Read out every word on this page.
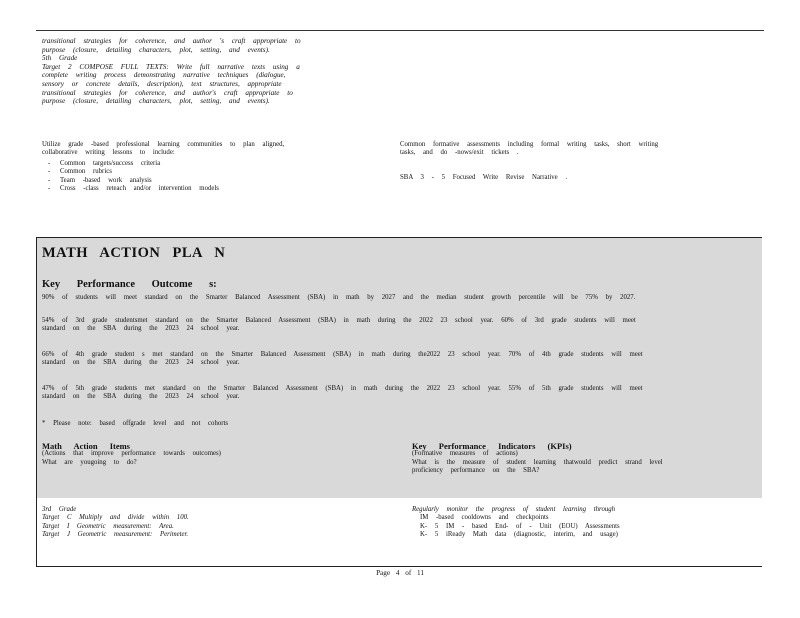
transitional strategies for coherence, and author 's craft appropriate to
purpose (closure, detailing characters, plot, setting, and events).
5th Grade
Target 2 COMPOSE FULL TEXTS: Write full narrative texts using a
complete writing process demonstrating narrative techniques (dialogue,
sensory or concrete details, description), text structures, appropriate
transitional strategies for coherence, and author's craft appropriate to
purpose (closure, detailing characters, plot, setting, and events).
Utilize grade -based professional learning communities to plan aligned,
collaborative writing lessons to include:
- Common targets/success criteria
- Common rubrics
- Team -based work analysis
- Cross -class reteach and/or intervention models
Common formative assessments including formal writing tasks, short writing
tasks, and do -nows/exit tickets .
SBA 3 - 5 Focused Write Revise Narrative .
MATH ACTION PLA N
Key Performance Outcome s:
90% of students will meet standard on the Smarter Balanced Assessment (SBA) in math by 2027 and the median student growth percentile will be 75% by 2027.
54% of 3rd grade studentsmet standard on the Smarter Balanced Assessment (SBA) in math during the 2022 23 school year. 60% of 3rd grade students will meet
standard on the SBA during the 2023 24 school year.
66% of 4th grade student s met standard on the Smarter Balanced Assessment (SBA) in math during the2022 23 school year. 70% of 4th grade students will meet
standard on the SBA during the 2023 24 school year.
47% of 5th grade students met standard on the Smarter Balanced Assessment (SBA) in math during the 2022 23 school year. 55% of 5th grade students will meet
standard on the SBA during the 2023 24 school year.
* Please note: based offgrade level and not cohorts
Math Action Items
(Actions that improve performance towards outcomes)
What are yougoing to do?
Key Performance Indicators (KPIs)
(Formative measures of actions)
What is the measure of student learning thatwould predict strand level
proficiency performance on the SBA?
3rd Grade
Target C Multiply and divide within 100.
Target I Geometric measurement: Area.
Target J Geometric measurement: Perimeter.
Regularly monitor the progress of student learning through
IM -based cooldowns and checkpoints
K- 5 IM - based End- of - Unit (EOU) Assessments
K- 5 iReady Math data (diagnostic, interim, and usage)
Page 4 of 11
